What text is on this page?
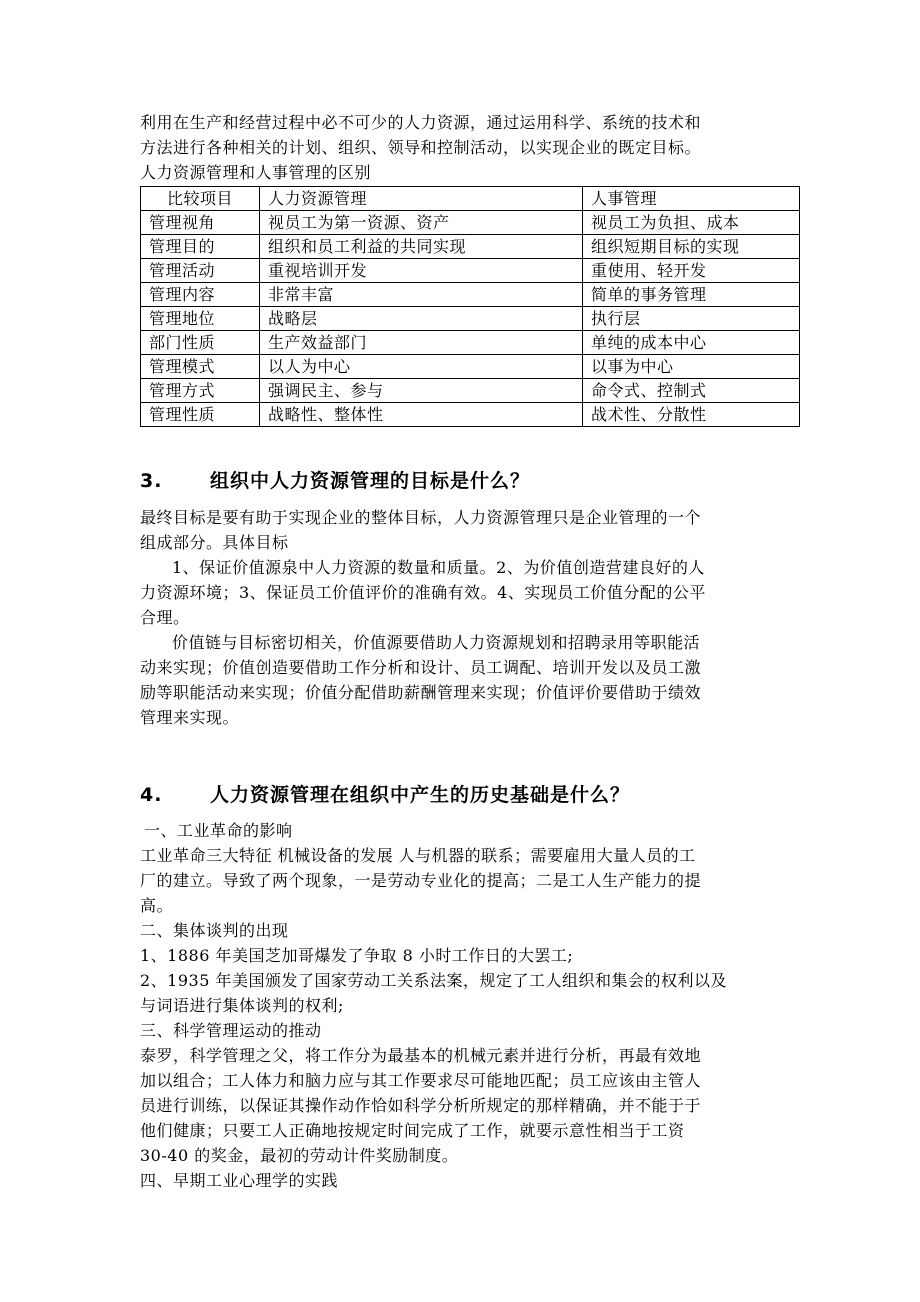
利用在生产和经营过程中必不可少的人力资源，通过运用科学、系统的技术和

方法进行各种相关的计划、组织、领导和控制活动，以实现企业的既定目标。

人力资源管理和人事管理的区别

比较项目	人力资源管理	人事管理
管理视角	视员工为第一资源、资产	视员工为负担、成本
管理目的	组织和员工利益的共同实现	组织短期目标的实现
管理活动	重视培训开发	重使用、轻开发
管理内容	非常丰富	简单的事务管理
管理地位	战略层	执行层
部门性质	生产效益部门	单纯的成本中心
管理模式	以人为中心	以事为中心
管理方式	强调民主、参与	命令式、控制式
管理性质	战略性、整体性	战术性、分散性
3.	组织中人力资源管理的目标是什么？

最终目标是要有助于实现企业的整体目标，人力资源管理只是企业管理的一个

组成部分。具体目标

1、保证价值源泉中人力资源的数量和质量。2、为价值创造营建良好的人

力资源环境；3、保证员工价值评价的准确有效。4、实现员工价值分配的公平

合理。

价值链与目标密切相关，价值源要借助人力资源规划和招聘录用等职能活

动来实现；价值创造要借助工作分析和设计、员工调配、培训开发以及员工激

励等职能活动来实现；价值分配借助薪酬管理来实现；价值评价要借助于绩效

管理来实现。

4.	人力资源管理在组织中产生的历史基础是什么？

一、工业革命的影响

工业革命三大特征 机械设备的发展 人与机器的联系；需要雇用大量人员的工

厂的建立。导致了两个现象，一是劳动专业化的提高；二是工人生产能力的提

高。

二、集体谈判的出现

1、1886 年美国芝加哥爆发了争取 8 小时工作日的大罢工;

2、1935 年美国颁发了国家劳动工关系法案，规定了工人组织和集会的权利以及

与词语进行集体谈判的权利;

三、科学管理运动的推动

泰罗，科学管理之父，将工作分为最基本的机械元素并进行分析，再最有效地

加以组合；工人体力和脑力应与其工作要求尽可能地匹配；员工应该由主管人

员进行训练，以保证其操作动作恰如科学分析所规定的那样精确，并不能于于

他们健康；只要工人正确地按规定时间完成了工作，就要示意性相当于工资

30-40 的奖金，最初的劳动计件奖励制度。

四、早期工业心理学的实践
